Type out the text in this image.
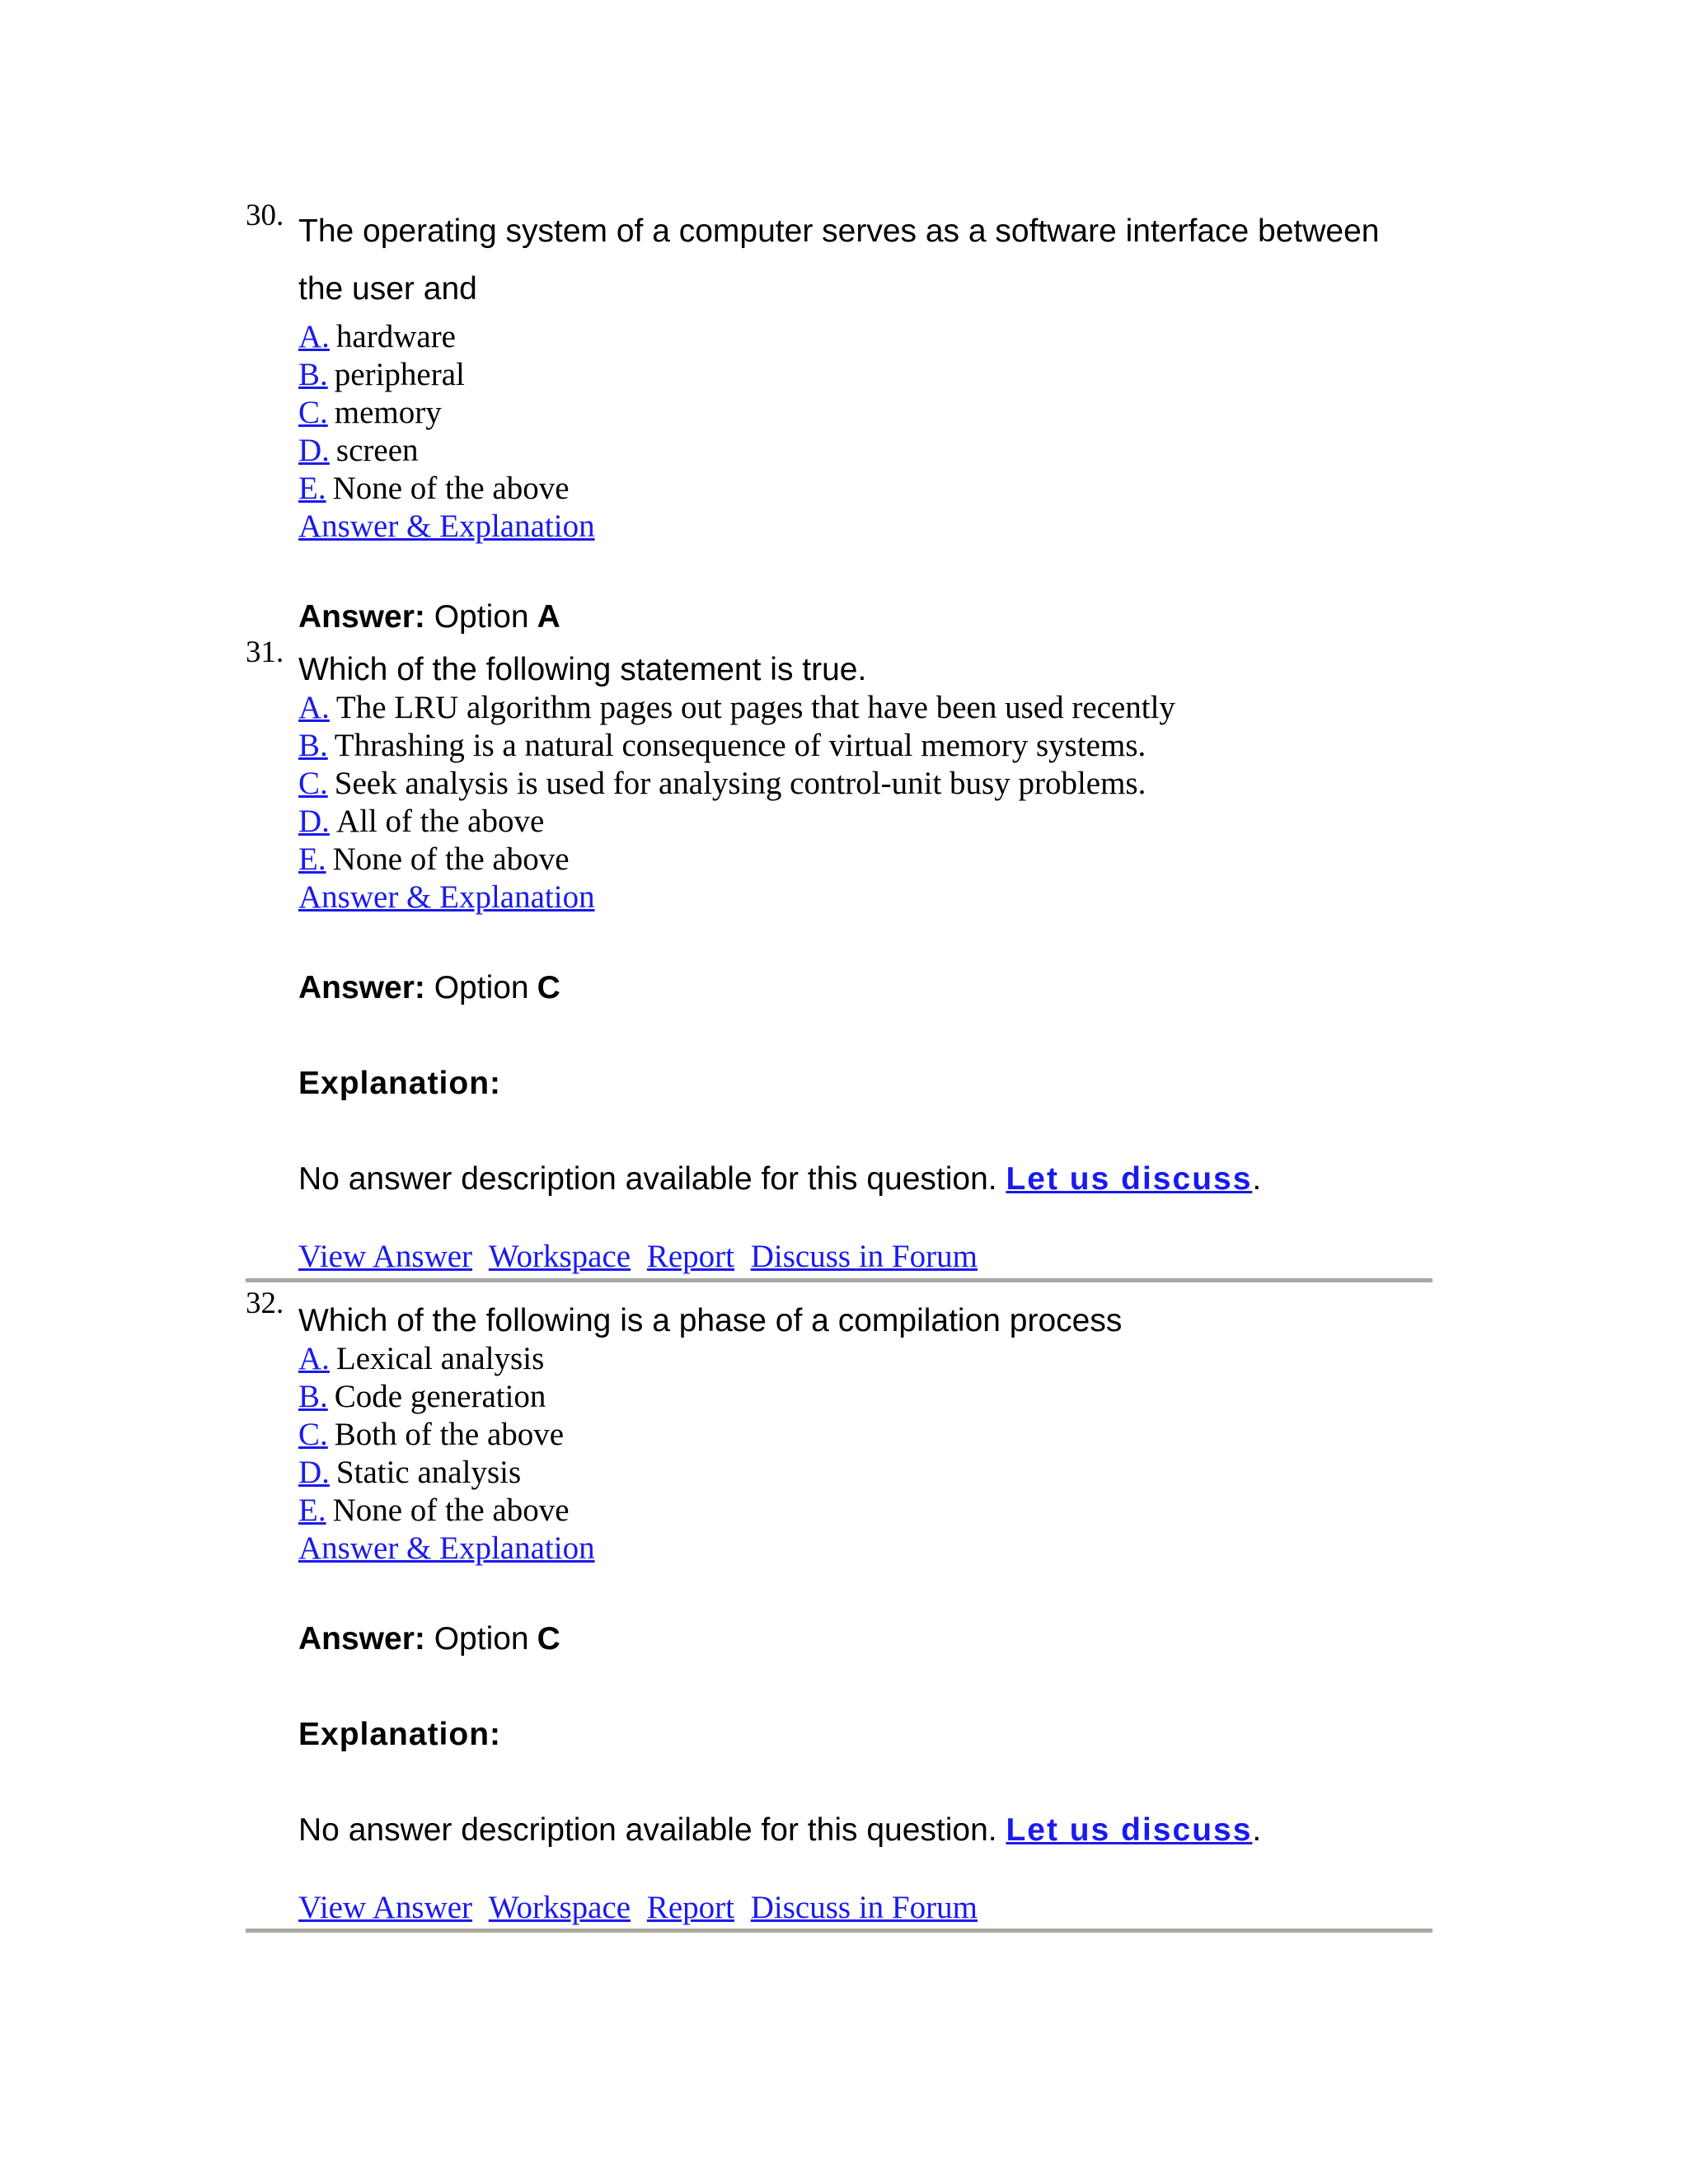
30. The operating system of a computer serves as a software interface between the user and

A. hardware
B. peripheral
C. memory
D. screen
E. None of the above
Answer & Explanation
Answer: Option A
31. Which of the following statement is true.

A. The LRU algorithm pages out pages that have been used recently
B. Thrashing is a natural consequence of virtual memory systems.
C. Seek analysis is used for analysing control-unit busy problems.
D. All of the above
E. None of the above
Answer & Explanation
Answer: Option C
Explanation:
No answer description available for this question. Let us discuss.
View Answer Workspace Report Discuss in Forum
32. Which of the following is a phase of a compilation process

A. Lexical analysis
B. Code generation
C. Both of the above
D. Static analysis
E. None of the above
Answer & Explanation
Answer: Option C
Explanation:
No answer description available for this question. Let us discuss.
View Answer Workspace Report Discuss in Forum
